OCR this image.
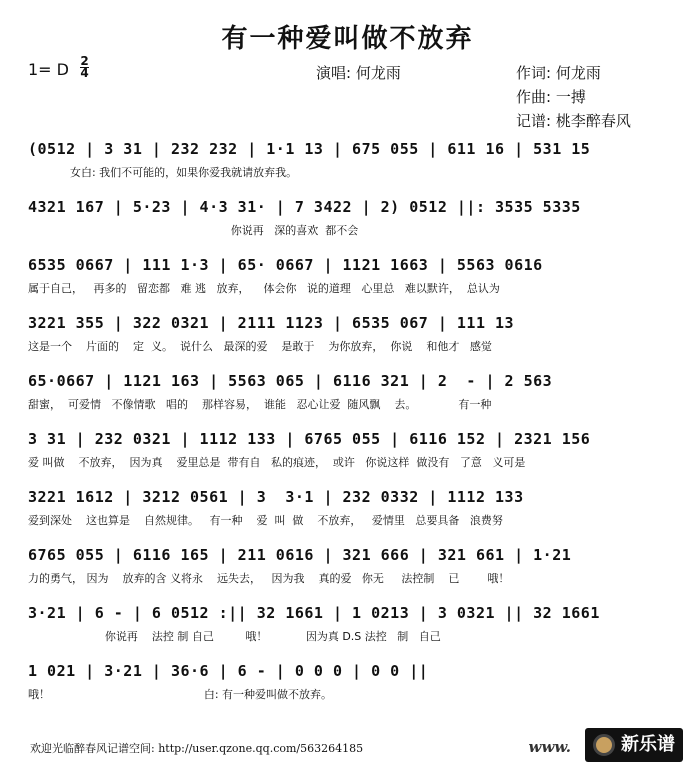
有一种爱叫做不放弃
1= D 2
4	演唱: 何龙雨	作词: 何龙雨
作曲: 一搏
记谱: 桃李醉春风
(0512 | 3 31 | 232 232 | 1·1 13 | 675 055 | 611 16 | 531 15
女白: 我们不可能的，如果你爱我就请放弃我。
4321 167 | 5·23 | 4·3 31· | 7 3422 | 2) 0512 ||: 3535 5335
你说再   深的喜欢  都不会
6535 0667 | 111 1·3 | 65· 0667 | 1121 1663 | 5563 0616
属于自己，   再多的   留恋都   难 逃   放弃，    体会你   说的道理   心里总   难以默许，  总认为
3221 355 | 322 0321 | 2111 1123 | 6535 067 | 111 13
这是一个    片面的    定  义。  说什么   最深的爱    是敢于    为你放弃，  你说    和他才   感觉
65·0667 | 1121 163 | 5563 065 | 6116 321 | 2  - | 2 563
甜蜜，  可爱情   不像情歌   唱的    那样容易，  谁能   忍心让爱  随风飘    去。            有一种
3 31 | 232 0321 | 1112 133 | 6765 055 | 6116 152 | 2321 156
爱 叫做    不放弃，  因为真    爱里总是  带有自   私的痕迹，  或许   你说这样  做没有   了意   义可是
3221 1612 | 3212 0561 | 3  3·1 | 232 0332 | 1112 133
爱到深处    这也算是    自然规律。   有一种    爱  叫  做    不放弃，   爱情里   总要具备   浪费努
6765 055 | 6116 165 | 211 0616 | 321 666 | 321 661 | 1·21
力的勇气， 因为    放弃的含 义将永    远失去，   因为我    真的爱   你无     法控制    已        哦！
3·21 | 6 - | 6 0512 :|| 32 1661 | 1 0213 | 3 0321 || 32 1661
你说再    法控 制 自己         哦！           因为真 D.S 法控   制   自己
1 021 | 3·21 | 36·6 | 6 - | 0 0 0 | 0 0 ||
哦！                                            白: 有一种爱叫做不放弃。
欢迎光临醉春风记谱空间: http://user.qzone.qq.com/563264185	www.	新乐谱
